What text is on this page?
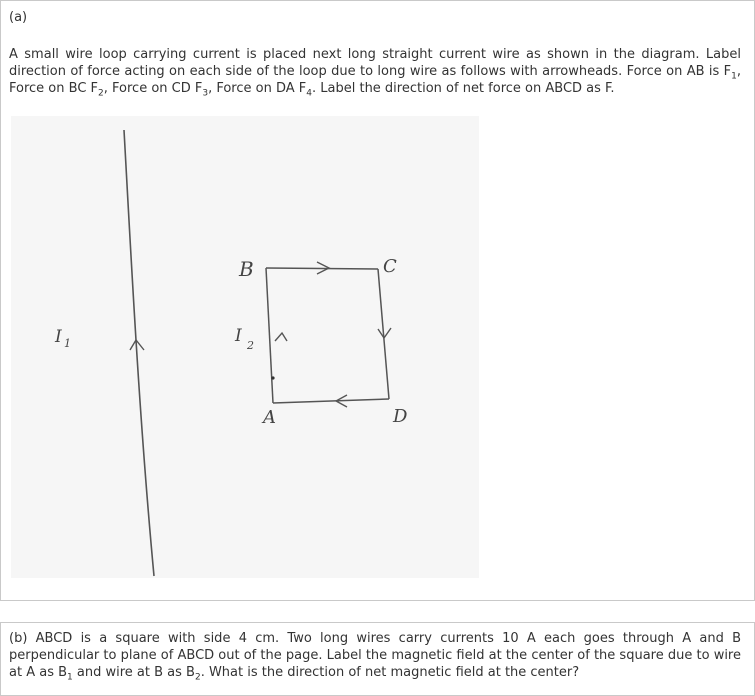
(a)
A small wire loop carrying current is placed next long straight current wire as shown in the diagram. Label direction of force acting on each side of the loop due to long wire as follows with arrowheads. Force on AB is $F_1$, Force on BC $F_2$, Force on CD $F_3$, Force on DA $F_4$. Label the direction of net force on ABCD as F.
I 1
B	C
A	D
I 2
(b) ABCD is a square with side 4 cm. Two long wires carry currents 10 A each goes through A and B perpendicular to plane of ABCD out of the page. Label the magnetic field at the center of the square due to wire at A as $B_1$ and wire at B as $B_2$. What is the direction of net magnetic field at the center?
